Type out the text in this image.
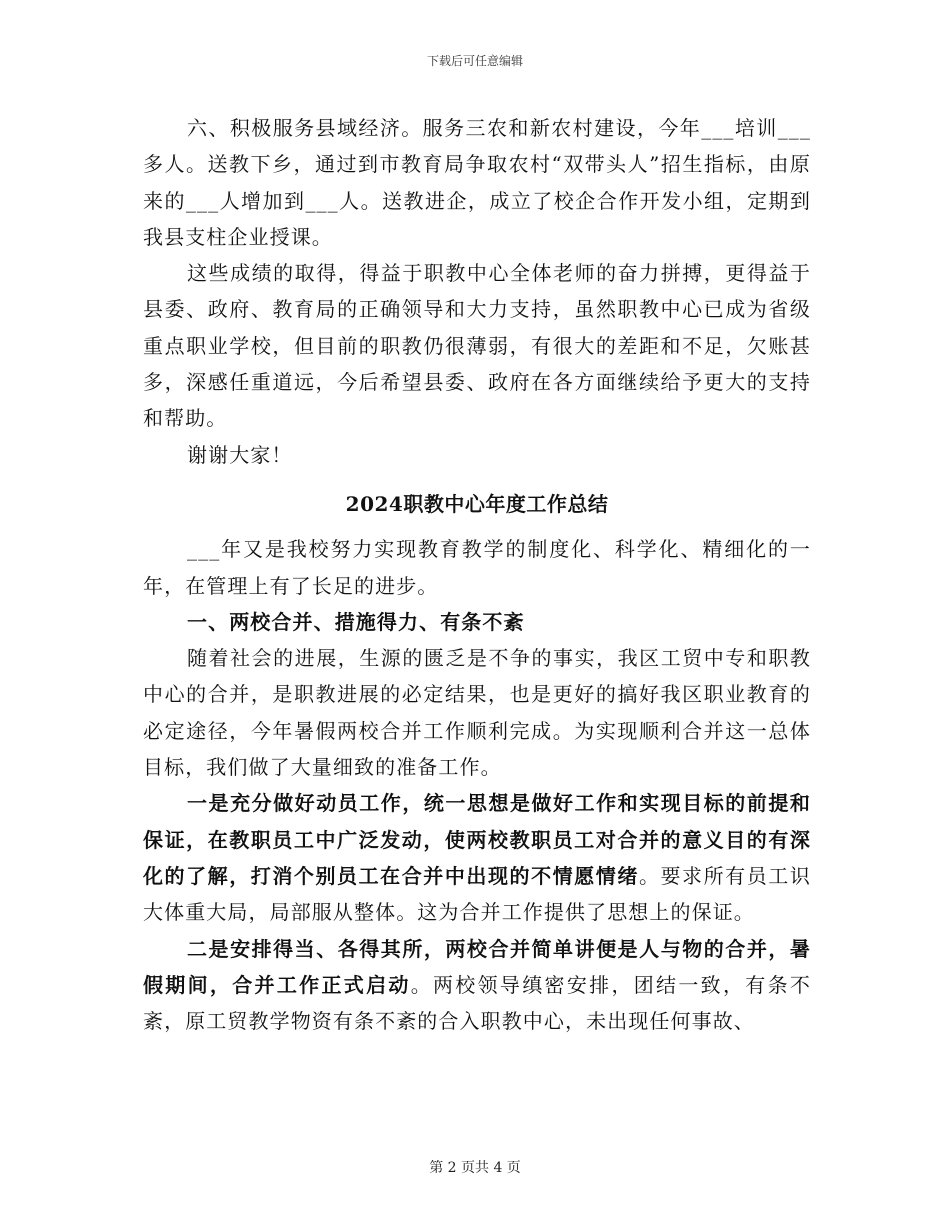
下载后可任意编辑

六、积极服务县域经济。服务三农和新农村建设，今年___培训___多人。送教下乡，通过到市教育局争取农村“双带头人”招生指标，由原来的___人增加到___人。送教进企，成立了校企合作开发小组，定期到我县支柱企业授课。

这些成绩的取得，得益于职教中心全体老师的奋力拼搏，更得益于县委、政府、教育局的正确领导和大力支持，虽然职教中心已成为省级重点职业学校，但目前的职教仍很薄弱，有很大的差距和不足，欠账甚多，深感任重道远，今后希望县委、政府在各方面继续给予更大的支持和帮助。

谢谢大家！

2024职教中心年度工作总结

___年又是我校努力实现教育教学的制度化、科学化、精细化的一年，在管理上有了长足的进步。

一、两校合并、措施得力、有条不紊

随着社会的进展，生源的匮乏是不争的事实，我区工贸中专和职教中心的合并，是职教进展的必定结果，也是更好的搞好我区职业教育的必定途径，今年暑假两校合并工作顺利完成。为实现顺利合并这一总体目标，我们做了大量细致的准备工作。

一是充分做好动员工作，统一思想是做好工作和实现目标的前提和保证，在教职员工中广泛发动，使两校教职员工对合并的意义目的有深化的了解，打消个别员工在合并中出现的不情愿情绪。要求所有员工识大体重大局，局部服从整体。这为合并工作提供了思想上的保证。

二是安排得当、各得其所，两校合并简单讲便是人与物的合并，暑假期间，合并工作正式启动。两校领导缜密安排，团结一致，有条不紊，原工贸教学物资有条不紊的合入职教中心，未出现任何事故、

第 2 页共 4 页
